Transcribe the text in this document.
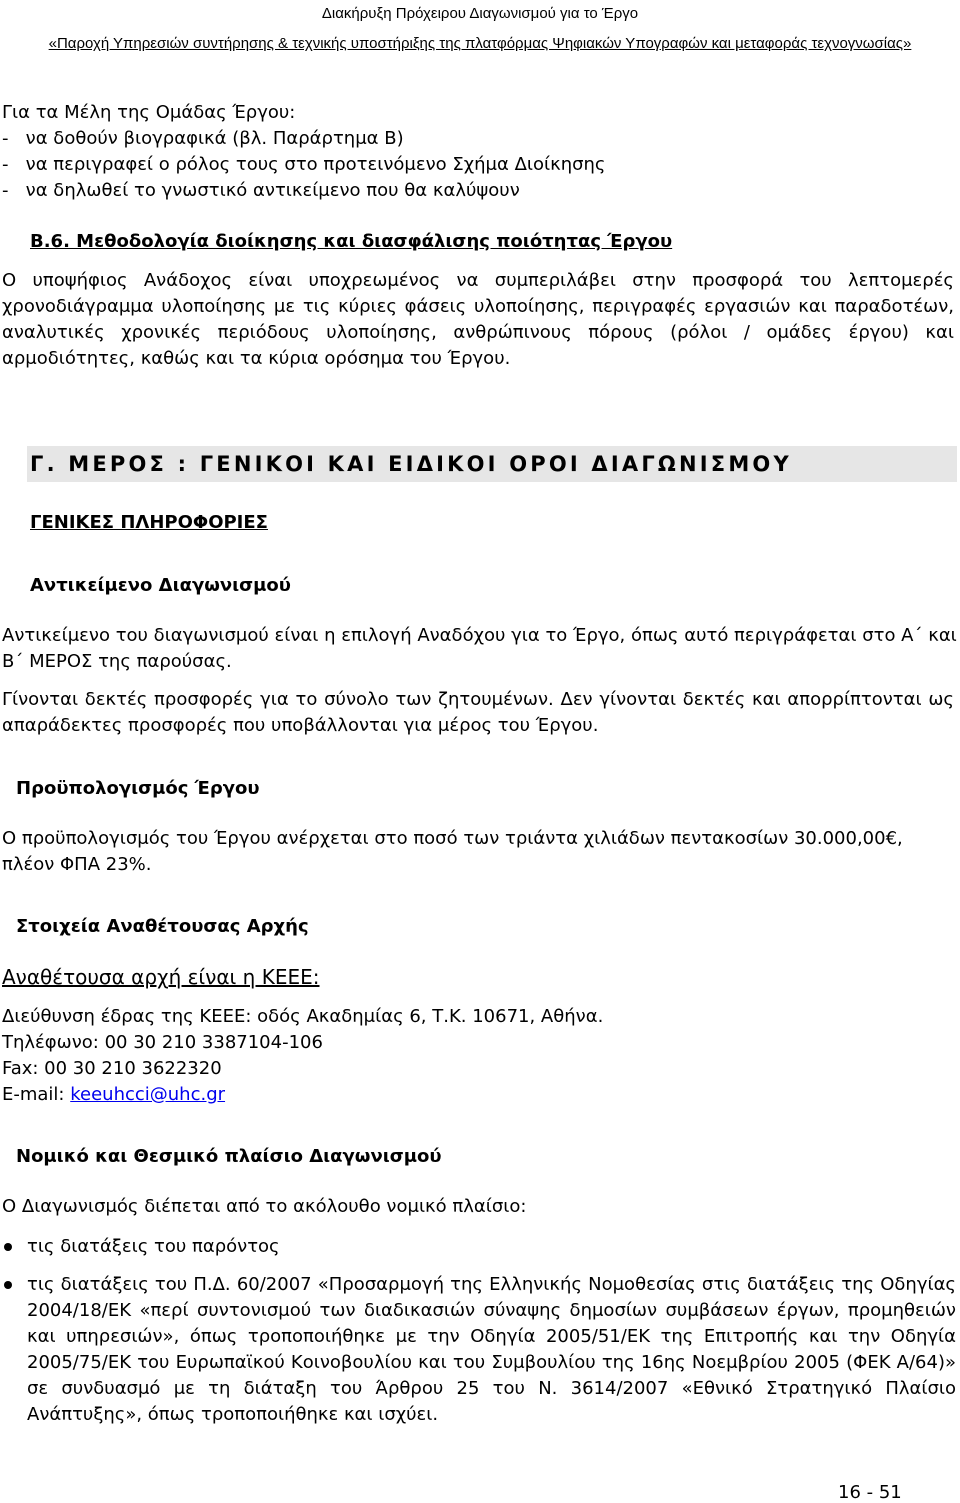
Διακήρυξη Πρόχειρου Διαγωνισμού για το Έργο
«Παροχή Υπηρεσιών συντήρησης & τεχνικής υποστήριξης της πλατφόρμας Ψηφιακών Υπογραφών και μεταφοράς τεχνογνωσίας»

Για τα Μέλη της Ομάδας Έργου:

-   να δοθούν βιογραφικά (βλ. Παράρτημα Β)

-   να περιγραφεί ο ρόλος τους στο προτεινόμενο Σχήμα Διοίκησης

-   να δηλωθεί το γνωστικό αντικείμενο που θα καλύψουν

Β.6. Μεθοδολογία διοίκησης και διασφάλισης ποιότητας Έργου

Ο υποψήφιος Ανάδοχος είναι υποχρεωμένος να συμπεριλάβει στην προσφορά του λεπτομερές χρονοδιάγραμμα υλοποίησης με τις κύριες φάσεις υλοποίησης, περιγραφές εργασιών και παραδοτέων, αναλυτικές χρονικές περιόδους υλοποίησης, ανθρώπινους πόρους (ρόλοι / ομάδες έργου) και αρμοδιότητες, καθώς και τα κύρια ορόσημα του Έργου.

Γ. ΜΕΡΟΣ : ΓΕΝΙΚΟΙ ΚΑΙ ΕΙΔΙΚΟΙ ΟΡΟΙ ΔΙΑΓΩΝΙΣΜΟΥ
ΓΕΝΙΚΕΣ ΠΛΗΡΟΦΟΡΙΕΣ
Αντικείμενο Διαγωνισμού

Αντικείμενο του διαγωνισμού είναι η επιλογή Αναδόχου για το Έργο, όπως αυτό περιγράφεται στο Α΄ και Β΄ ΜΕΡΟΣ της παρούσας.

Γίνονται δεκτές προσφορές για το σύνολο των ζητουμένων. Δεν γίνονται δεκτές και απορρίπτονται ως απαράδεκτες προσφορές που υποβάλλονται για μέρος του Έργου.

Προϋπολογισμός Έργου

Ο προϋπολογισμός του Έργου ανέρχεται στο ποσό των τριάντα χιλιάδων πεντακοσίων 30.000,00€, πλέον ΦΠΑ 23%.

Στοιχεία Αναθέτουσας Αρχής
Αναθέτουσα αρχή είναι η ΚΕΕΕ:

Διεύθυνση έδρας της ΚΕΕΕ: οδός Ακαδημίας 6, Τ.Κ. 10671, Αθήνα.

Τηλέφωνο: 00 30 210 3387104-106

Fax: 00 30 210 3622320

E-mail: keeuhcci@uhc.gr

Νομικό και Θεσμικό πλαίσιο Διαγωνισμού

Ο Διαγωνισμός διέπεται από το ακόλουθο νομικό πλαίσιο:

τις διατάξεις του παρόντος

τις διατάξεις του Π.Δ. 60/2007 «Προσαρμογή της Ελληνικής Νομοθεσίας στις διατάξεις της Οδηγίας 2004/18/ΕΚ «περί συντονισμού των διαδικασιών σύναψης δημοσίων συμβάσεων έργων, προμηθειών και υπηρεσιών», όπως τροποποιήθηκε με την Οδηγία 2005/51/ΕΚ της Επιτροπής και την Οδηγία 2005/75/ΕΚ του Ευρωπαϊκού Κοινοβουλίου και του Συμβουλίου της 16ης Νοεμβρίου 2005 (ΦΕΚ Α/64)» σε συνδυασμό με τη διάταξη του Άρθρου 25 του Ν. 3614/2007 «Εθνικό Στρατηγικό Πλαίσιο Ανάπτυξης», όπως τροποποιήθηκε και ισχύει.

16 - 51
